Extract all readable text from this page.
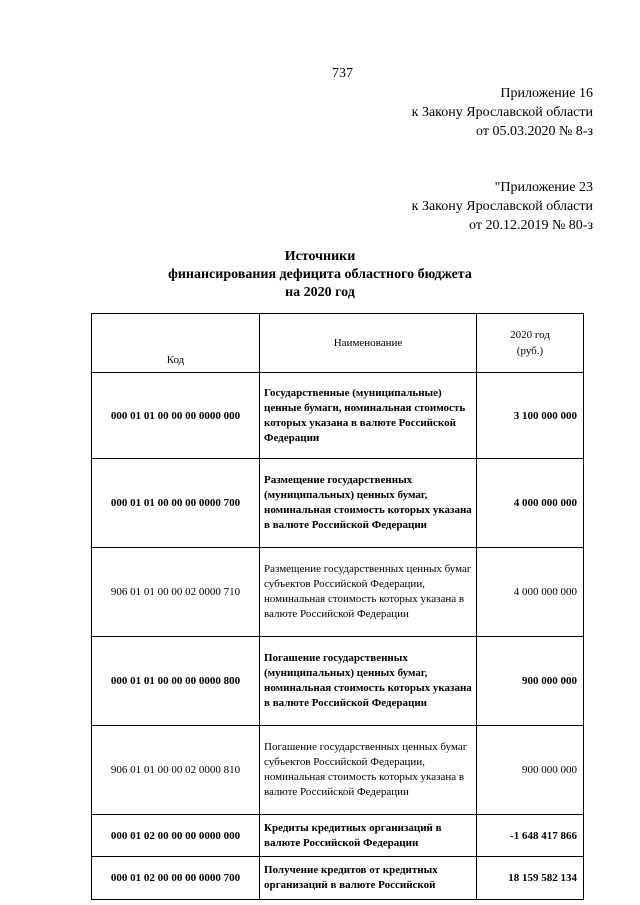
737
Приложение 16
к Закону Ярославской области
от 05.03.2020 № 8-з
"Приложение 23
к Закону Ярославской области
от 20.12.2019 № 80-з
Источники
финансирования дефицита областного бюджета
на 2020 год
Код	Наименование	2020 год
(руб.)

000 01 01 00 00 00 0000 000	Государственные (муниципальные) ценные бумаги, номинальная стоимость которых указана в валюте Российской Федерации	3 100 000 000
000 01 01 00 00 00 0000 700	Размещение государственных (муниципальных) ценных бумаг, номинальная стоимость которых указана в валюте Российской Федерации	4 000 000 000
906 01 01 00 00 02 0000 710	Размещение государственных ценных бумаг субъектов Российской Федерации, номинальная стоимость которых указана в валюте Российской Федерации	4 000 000 000
000 01 01 00 00 00 0000 800	Погашение государственных (муниципальных) ценных бумаг, номинальная стоимость которых указана в валюте Российской Федерации	900 000 000
906 01 01 00 00 02 0000 810	Погашение государственных ценных бумаг субъектов Российской Федерации, номинальная стоимость которых указана в валюте Российской Федерации	900 000 000
000 01 02 00 00 00 0000 000	Кредиты кредитных организаций в валюте Российской Федерации	-1 648 417 866
000 01 02 00 00 00 0000 700	Получение кредитов от кредитных организаций в валюте Российской	18 159 582 134
